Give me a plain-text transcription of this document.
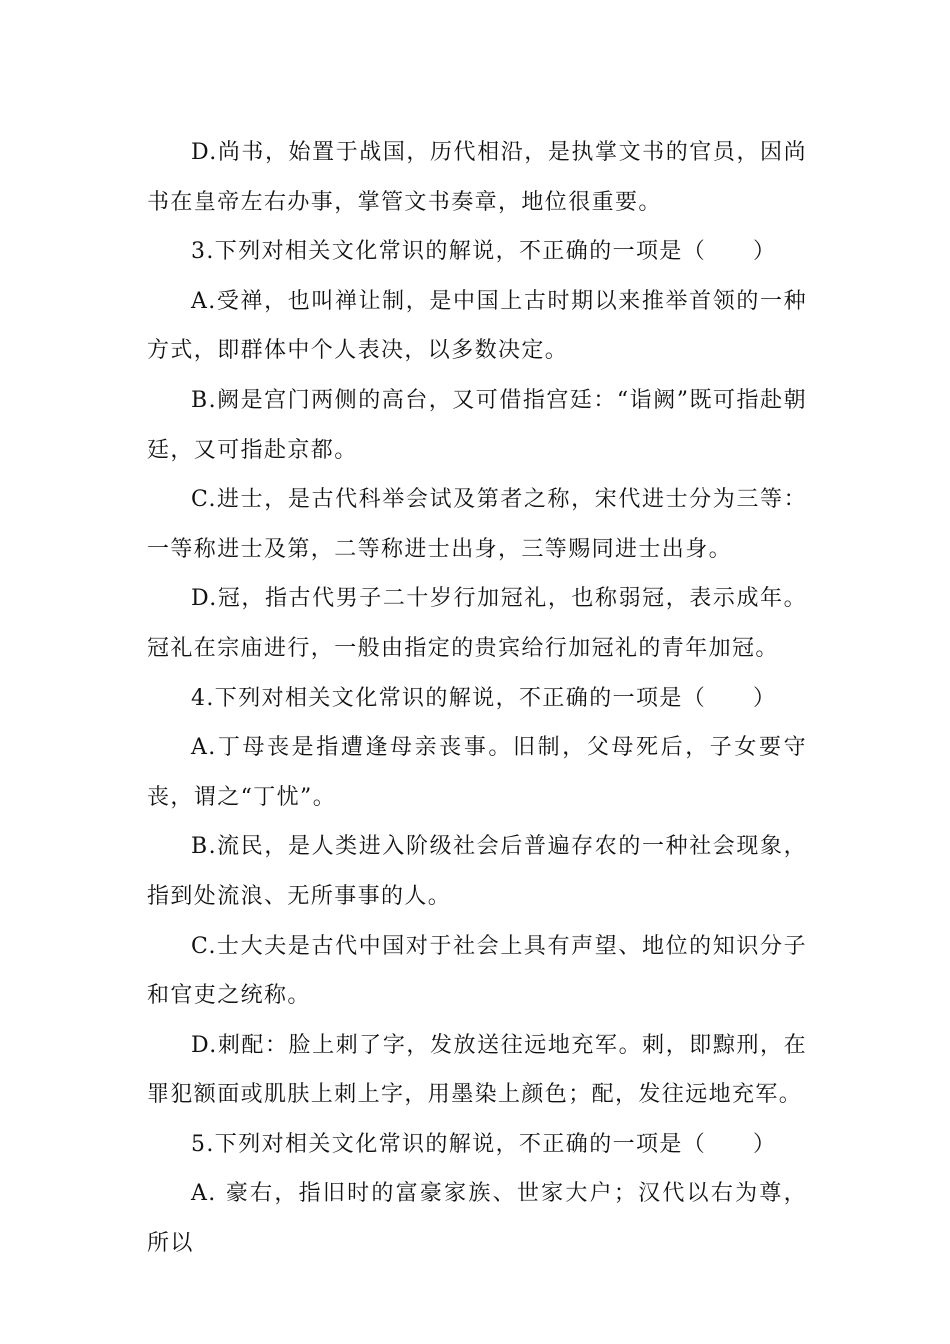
D.尚书，始置于战国，历代相沿，是执掌文书的官员，因尚书在皇帝左右办事，掌管文书奏章，地位很重要。

3.下列对相关文化常识的解说，不正确的一项是（　　）

A.受禅，也叫禅让制，是中国上古时期以来推举首领的一种方式，即群体中个人表决，以多数决定。

B.阙是宫门两侧的高台，又可借指宫廷：“诣阙”既可指赴朝廷，又可指赴京都。

C.进士，是古代科举会试及第者之称，宋代进士分为三等：一等称进士及第，二等称进士出身，三等赐同进士出身。

D.冠，指古代男子二十岁行加冠礼，也称弱冠，表示成年。冠礼在宗庙进行，一般由指定的贵宾给行加冠礼的青年加冠。

4.下列对相关文化常识的解说，不正确的一项是（　　）

A.丁母丧是指遭逢母亲丧事。旧制，父母死后，子女要守丧，谓之“丁忧”。

B.流民，是人类进入阶级社会后普遍存农的一种社会现象，指到处流浪、无所事事的人。

C.士大夫是古代中国对于社会上具有声望、地位的知识分子和官吏之统称。

D.刺配：脸上刺了字，发放送往远地充军。刺，即黥刑，在罪犯额面或肌肤上刺上字，用墨染上颜色；配，发往远地充军。

5.下列对相关文化常识的解说，不正确的一项是（　　）

A. 豪右，指旧时的富豪家族、世家大户；汉代以右为尊，所以
